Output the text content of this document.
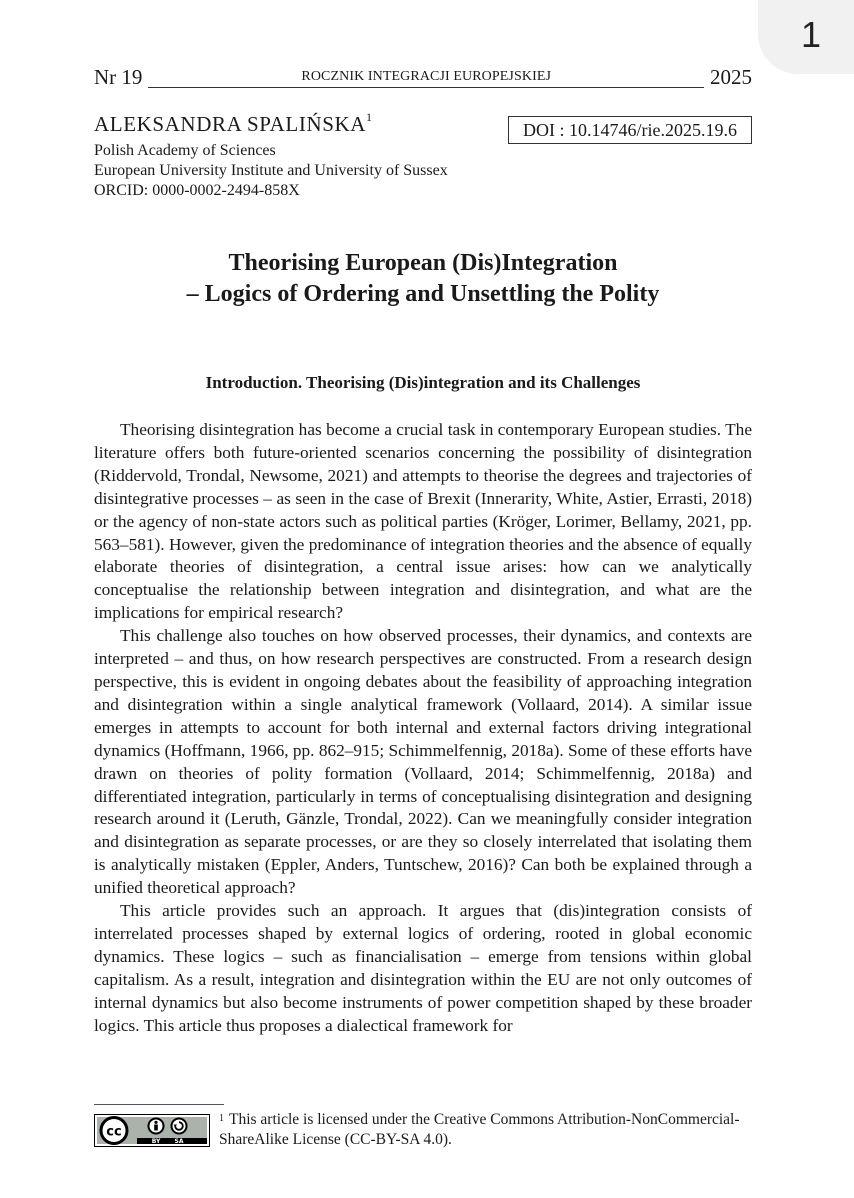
1
Nr 19	ROCZNIK INTEGRACJI EUROPEJSKIEJ	2025
ALEKSANDRA SPALIŃSKA$^1$
DOI : 10.14746/rie.2025.19.6
Polish Academy of Sciences
European University Institute and University of Sussex
ORCID: 0000-0002-2494-858X
Theorising European (Dis)Integration
– Logics of Ordering and Unsettling the Polity
Introduction. Theorising (Dis)integration and its Challenges

Theorising disintegration has become a crucial task in contemporary European studies. The literature offers both future-oriented scenarios concerning the possibility of disintegration (Riddervold, Trondal, Newsome, 2021) and attempts to theorise the degrees and trajectories of disintegrative processes – as seen in the case of Brexit (Innerarity, White, Astier, Errasti, 2018) or the agency of non-state actors such as political parties (Kröger, Lorimer, Bellamy, 2021, pp. 563–581). However, given the predominance of integration theories and the absence of equally elaborate theories of disintegration, a central issue arises: how can we analytically conceptualise the relationship between integration and disintegration, and what are the implications for empirical research?

This challenge also touches on how observed processes, their dynamics, and contexts are interpreted – and thus, on how research perspectives are constructed. From a research design perspective, this is evident in ongoing debates about the feasibility of approaching integration and disintegration within a single analytical framework (Vollaard, 2014). A similar issue emerges in attempts to account for both internal and external factors driving integrational dynamics (Hoffmann, 1966, pp. 862–915; Schimmelfennig, 2018a). Some of these efforts have drawn on theories of polity formation (Vollaard, 2014; Schimmelfennig, 2018a) and differentiated integration, particularly in terms of conceptualising disintegration and designing research around it (Leruth, Gänzle, Trondal, 2022). Can we meaningfully consider integration and disintegration as separate processes, or are they so closely interrelated that isolating them is analytically mistaken (Eppler, Anders, Tuntschew, 2016)? Can both be explained through a unified theoretical approach?

This article provides such an approach. It argues that (dis)integration consists of interrelated processes shaped by external logics of ordering, rooted in global economic dynamics. These logics – such as financialisation – emerge from tensions within global capitalism. As a result, integration and disintegration within the EU are not only outcomes of internal dynamics but also become instruments of power competition shaped by these broader logics. This article thus proposes a dialectical framework for

cc
BY SA
$^1$ This article is licensed under the Creative Commons Attribution-NonCommercial-ShareAlike License (CC-BY-SA 4.0).
